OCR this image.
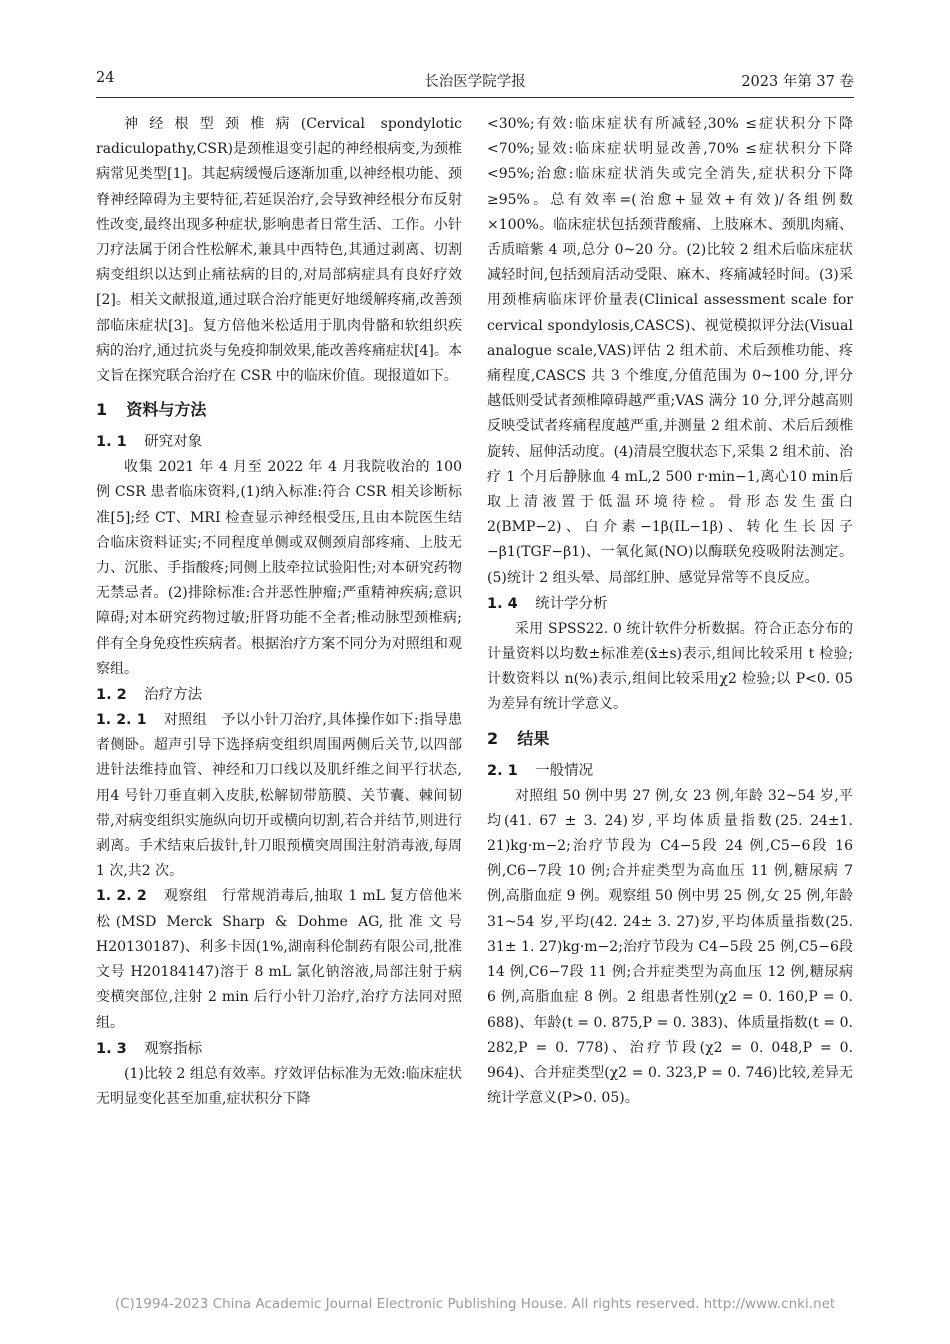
24	长治医学院学报	2023 年第 37 卷

神经根型颈椎病(Cervical spondylotic radiculopathy,CSR)是颈椎退变引起的神经根病变,为颈椎病常见类型[1]。其起病缓慢后逐渐加重,以神经根功能、颈脊神经障碍为主要特征,若延误治疗,会导致神经根分布反射性改变,最终出现多种症状,影响患者日常生活、工作。小针刀疗法属于闭合性松解术,兼具中西特色,其通过剥离、切割病变组织以达到止痛祛病的目的,对局部病症具有良好疗效[2]。相关文献报道,通过联合治疗能更好地缓解疼痛,改善颈部临床症状[3]。复方倍他米松适用于肌肉骨骼和软组织疾病的治疗,通过抗炎与免疫抑制效果,能改善疼痛症状[4]。本文旨在探究联合治疗在 CSR 中的临床价值。现报道如下。

1 资料与方法
1. 1 研究对象

收集 2021 年 4 月至 2022 年 4 月我院收治的 100 例 CSR 患者临床资料,(1)纳入标准:符合 CSR 相关诊断标准[5];经 CT、MRI 检查显示神经根受压,且由本院医生结合临床资料证实;不同程度单侧或双侧颈肩部疼痛、上肢无力、沉胀、手指酸疼;同侧上肢牵拉试验阳性;对本研究药物无禁忌者。(2)排除标准:合并恶性肿瘤;严重精神疾病;意识障碍;对本研究药物过敏;肝肾功能不全者;椎动脉型颈椎病;伴有全身免疫性疾病者。根据治疗方案不同分为对照组和观察组。

1. 2 治疗方法

1. 2. 1 对照组  予以小针刀治疗,具体操作如下:指导患者侧卧。超声引导下选择病变组织周围两侧后关节,以四部进针法维持血管、神经和刀口线以及肌纤维之间平行状态,用4 号针刀垂直刺入皮肤,松解韧带筋膜、关节囊、棘间韧带,对病变组织实施纵向切开或横向切割,若合并结节,则进行剥离。手术结束后拔针,针刀眼预横突周围注射消毒液,每周 1 次,共2 次。

1. 2. 2 观察组  行常规消毒后,抽取 1 mL 复方倍他米松(MSD Merck Sharp & Dohme AG,批准文号 H20130187)、利多卡因(1%,湖南科伦制药有限公司,批准文号 H20184147)溶于 8 mL 氯化钠溶液,局部注射于病变横突部位,注射 2 min 后行小针刀治疗,治疗方法同对照组。

1. 3 观察指标

(1)比较 2 组总有效率。疗效评估标准为无效:临床症状无明显变化甚至加重,症状积分下降

<30%;有效:临床症状有所减轻,30% ≤症状积分下降<70%;显效:临床症状明显改善,70% ≤症状积分下降<95%;治愈:临床症状消失或完全消失,症状积分下降≥95%。总有效率=(治愈+显效+有效)/各组例数×100%。临床症状包括颈背酸痛、上肢麻木、颈肌肉痛、舌质暗紫 4 项,总分 0~20 分。(2)比较 2 组术后临床症状减轻时间,包括颈肩活动受限、麻木、疼痛减轻时间。(3)采用颈椎病临床评价量表(Clinical assessment scale for cervical spondylosis,CASCS)、视觉模拟评分法(Visual analogue scale,VAS)评估 2 组术前、术后颈椎功能、疼痛程度,CASCS 共 3 个维度,分值范围为 0~100 分,评分越低则受试者颈椎障碍越严重;VAS 满分 10 分,评分越高则反映受试者疼痛程度越严重,并测量 2 组术前、术后后颈椎旋转、屈伸活动度。(4)清晨空腹状态下,采集 2 组术前、治疗 1 个月后静脉血 4 mL,2 500 r·min−1,离心10 min后取上清液置于低温环境待检。骨形态发生蛋白 2(BMP−2)、白介素−1β(IL−1β)、转化生长因子−β1(TGF−β1)、一氧化氮(NO)以酶联免疫吸附法测定。(5)统计 2 组头晕、局部红肿、感觉异常等不良反应。

1. 4 统计学分析

采用 SPSS22. 0 统计软件分析数据。符合正态分布的计量资料以均数±标准差(x̄±s)表示,组间比较采用 t 检验;计数资料以 n(%)表示,组间比较采用χ2 检验;以 P<0. 05 为差异有统计学意义。

2 结果
2. 1 一般情况

对照组 50 例中男 27 例,女 23 例,年龄 32~54 岁,平均(41. 67 ± 3. 24)岁,平均体质量指数(25. 24±1. 21)kg·m−2;治疗节段为 C4−5段 24 例,C5−6段 16 例,C6−7段 10 例;合并症类型为高血压 11 例,糖尿病 7 例,高脂血症 9 例。观察组 50 例中男 25 例,女 25 例,年龄 31~54 岁,平均(42. 24± 3. 27)岁,平均体质量指数(25. 31± 1. 27)kg·m−2;治疗节段为 C4−5段 25 例,C5−6段 14 例,C6−7段 11 例;合并症类型为高血压 12 例,糖尿病 6 例,高脂血症 8 例。2 组患者性别(χ2 = 0. 160,P = 0. 688)、年龄(t = 0. 875,P = 0. 383)、体质量指数(t = 0. 282,P = 0. 778)、治疗节段(χ2 = 0. 048,P = 0. 964)、合并症类型(χ2 = 0. 323,P = 0. 746)比较,差异无统计学意义(P>0. 05)。

(C)1994-2023 China Academic Journal Electronic Publishing House. All rights reserved. http://www.cnki.net
